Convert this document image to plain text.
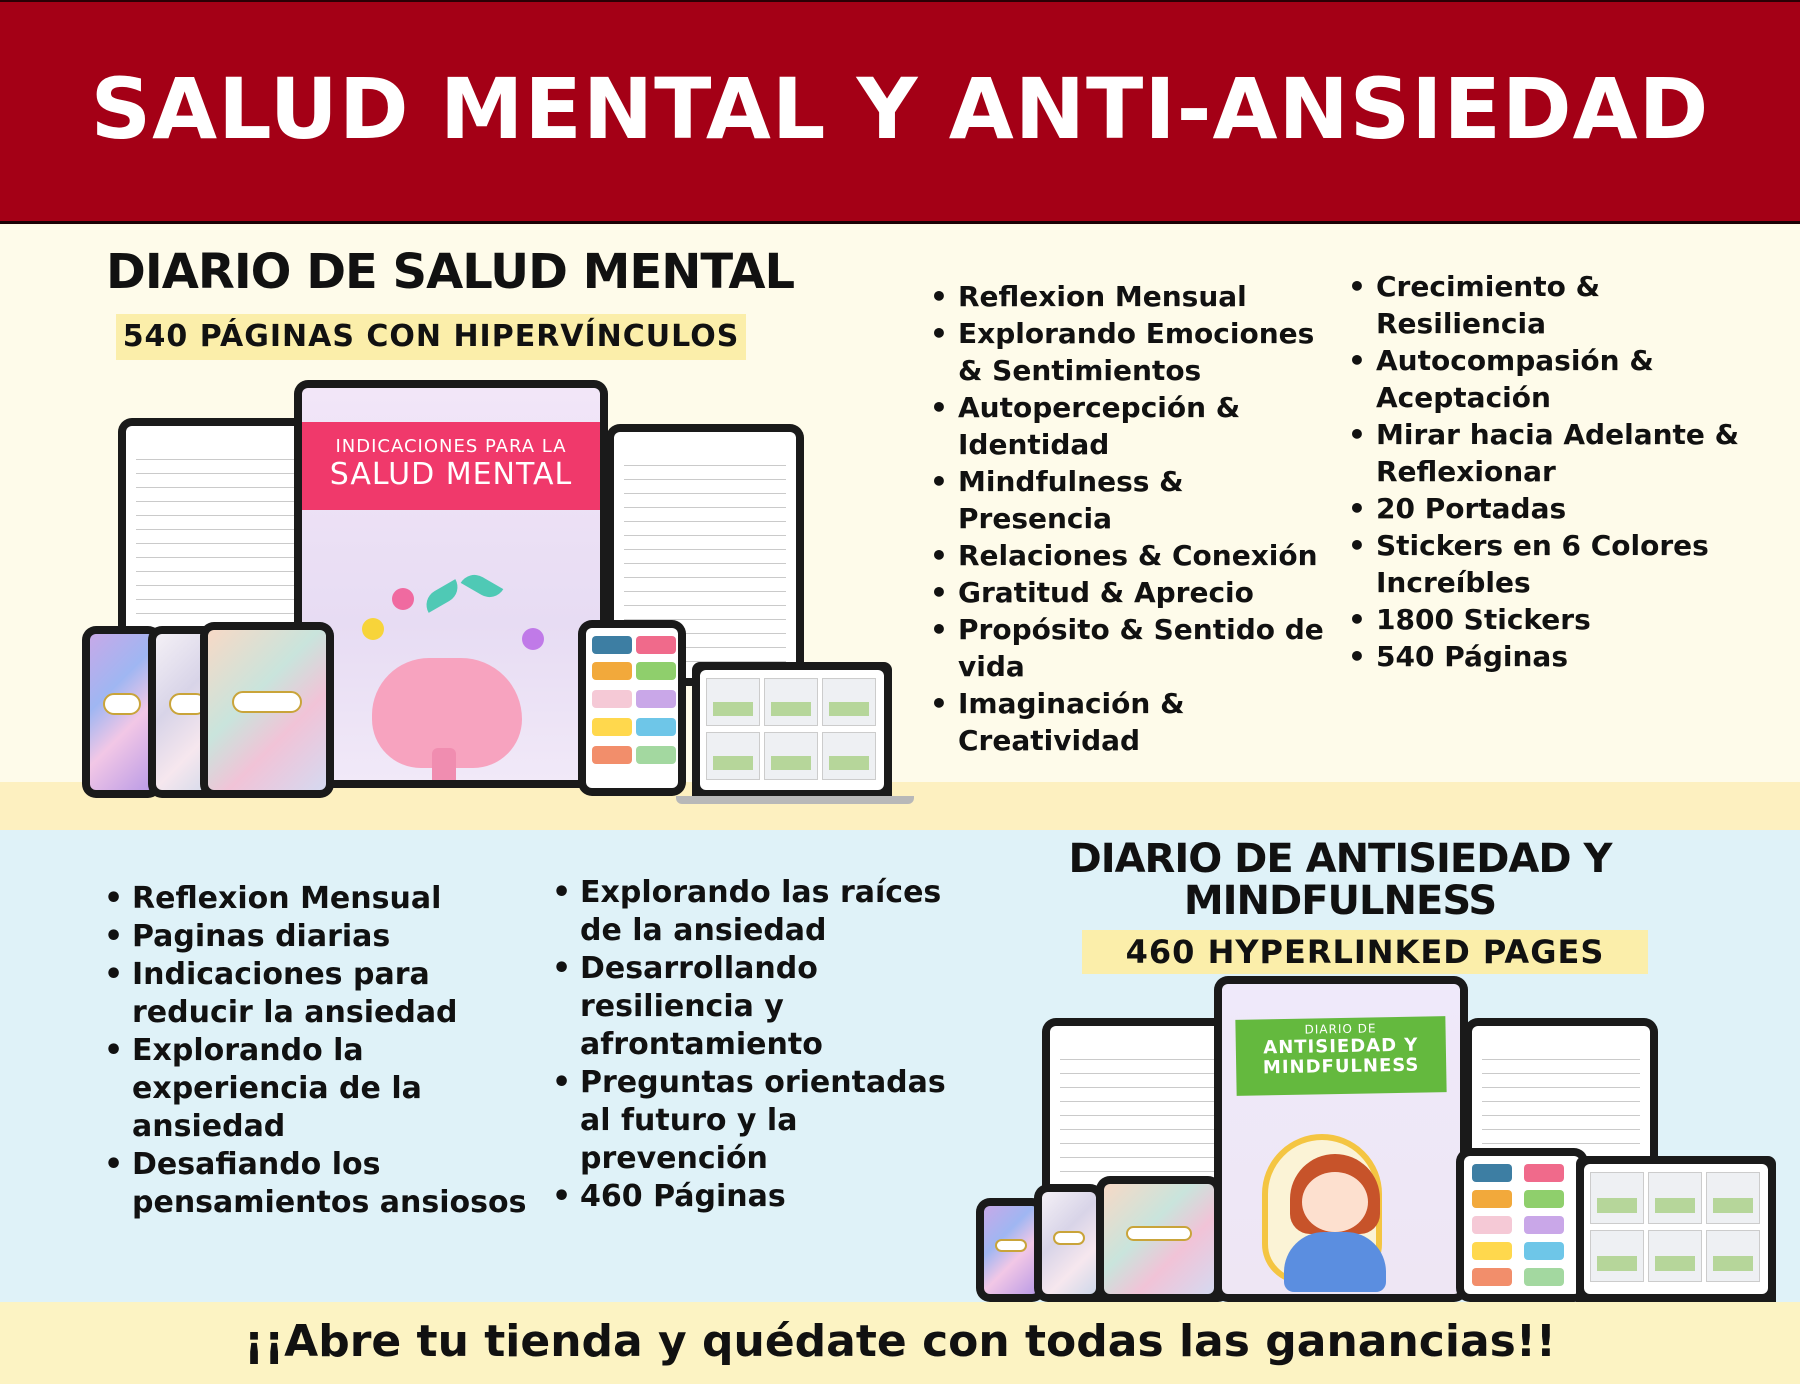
SALUD MENTAL Y ANTI-ANSIEDAD
DIARIO DE SALUD MENTAL
540 PÁGINAS CON HIPERVÍNCULOS
• Reflexion Mensual
• Explorando Emociones & Sentimientos
• Autopercepción & Identidad
• Mindfulness & Presencia
• Relaciones & Conexión
• Gratitud & Aprecio
• Propósito & Sentido de vida
• Imaginación & Creatividad
• Crecimiento & Resiliencia
• Autocompasión & Aceptación
• Mirar hacia Adelante & Reflexionar
• 20 Portadas
• Stickers en 6 Colores Increíbles
• 1800 Stickers
• 540 Páginas
INDICACIONES PARA LA
SALUD MENTAL
• Reflexion Mensual
• Paginas diarias
• Indicaciones para reducir la ansiedad
• Explorando la experiencia de la ansiedad
• Desafiando los pensamientos ansiosos
• Explorando las raíces de la ansiedad
• Desarrollando resiliencia y afrontamiento
• Preguntas orientadas al futuro y la prevención
• 460 Páginas
DIARIO DE ANTISIEDAD Y MINDFULNESS
460 HYPERLINKED PAGES
DIARIO DE ANTISIEDAD Y MINDFULNESS

¡¡Abre tu tienda y quédate con todas las ganancias!!
